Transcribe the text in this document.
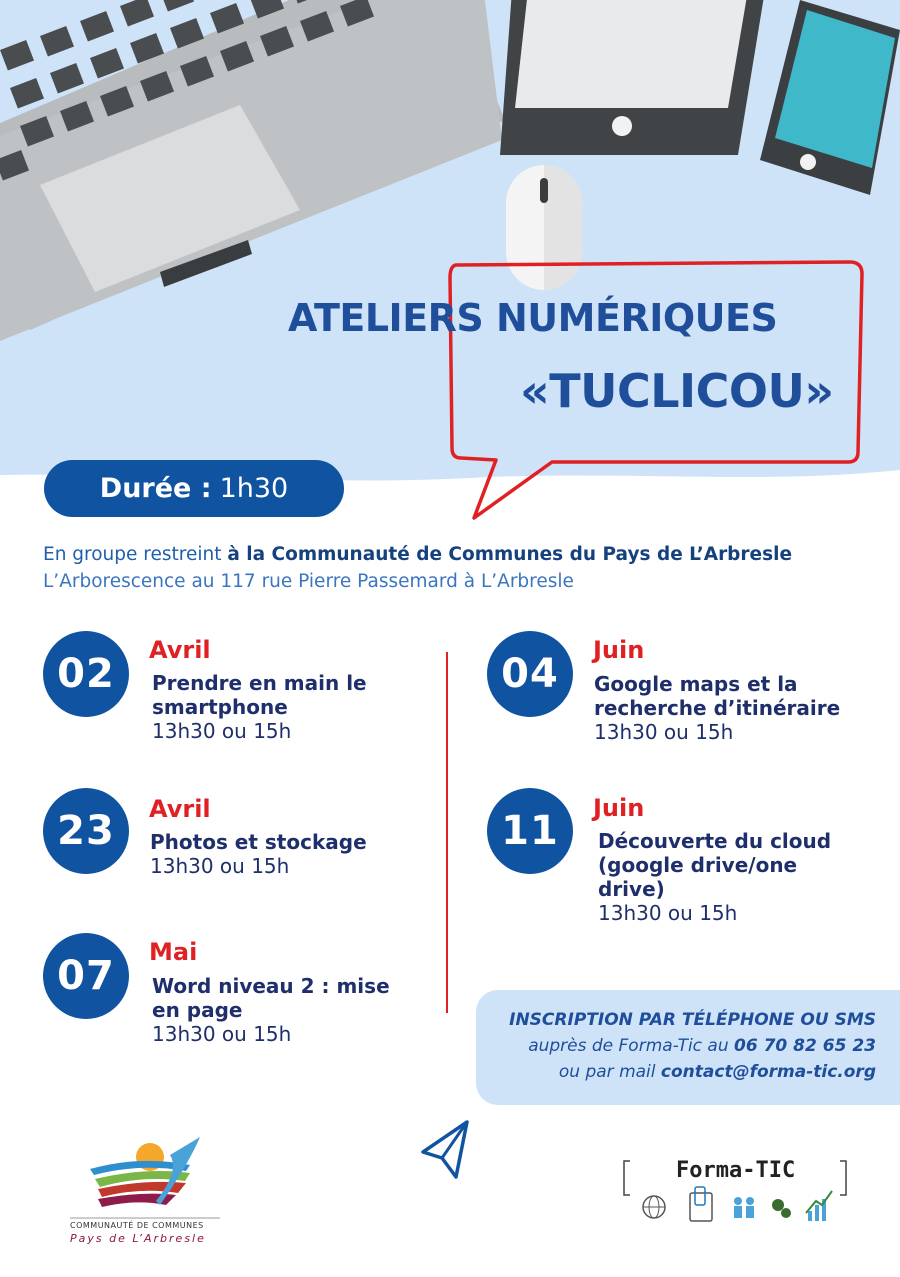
ATELIERS NUMÉRIQUES
«TUCLICOU»
Durée : 1h30
En groupe restreint à la Communauté de Communes du Pays de L’Arbresle
L’Arborescence au 117 rue Pierre Passemard à L’Arbresle
02
Avril
Prendre en main le
smartphone
13h30 ou 15h
23	Avril
Photos et stockage
13h30 ou 15h
07
Mai
Word niveau 2 : mise
en page
13h30 ou 15h
04
Juin
Google maps et la
recherche d’itinéraire
13h30 ou 15h
11	Juin
Découverte du cloud
(google drive/one
drive)
13h30 ou 15h
INSCRIPTION PAR TÉLÉPHONE OU SMS
auprès de Forma-Tic au 06 70 82 65 23
ou par mail contact@forma-tic.org
COMMUNAUTÉ DE COMMUNES
Pays de L’Arbresle
Forma-TIC
